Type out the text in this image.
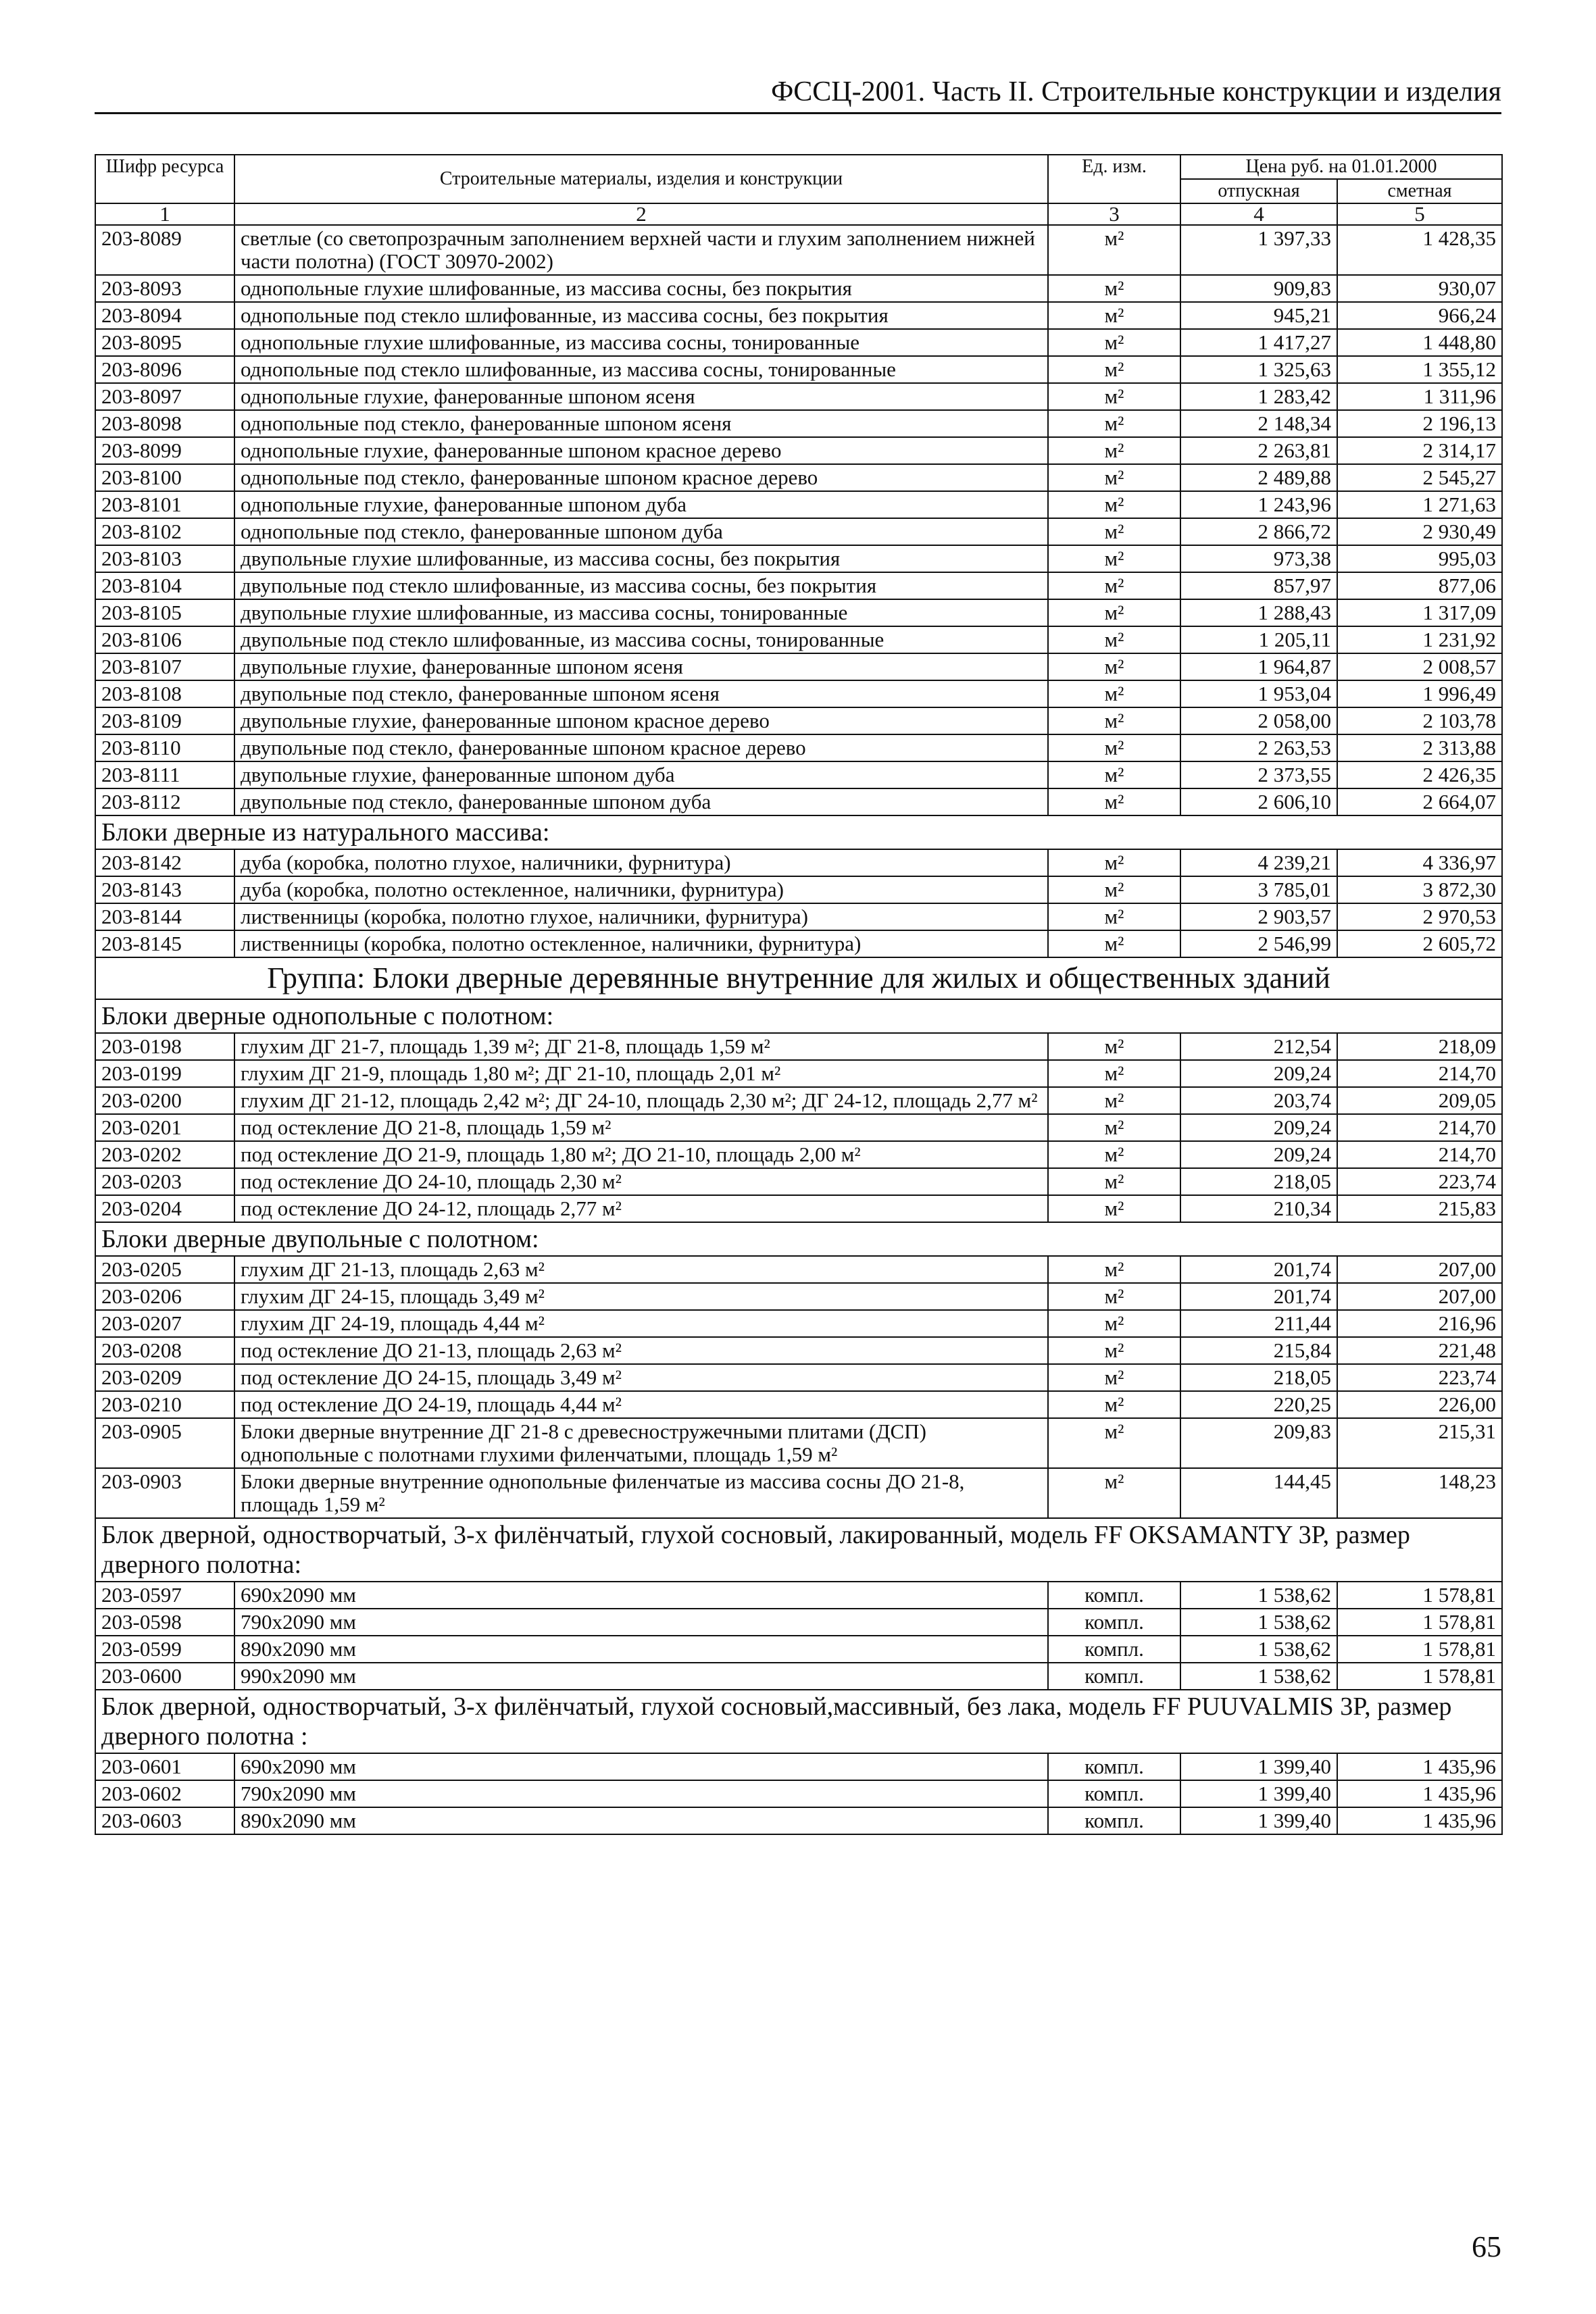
ФССЦ-2001. Часть II. Строительные конструкции и изделия
Шифр ресурса	Строительные материалы, изделия и конструкции	Ед. изм.	Цена руб. на 01.01.2000	
			отпускная	сметная
1	2	3	4	5
203-8089	светлые (со светопрозрачным заполнением верхней части и глухим заполнением нижней части полотна) (ГОСТ 30970-2002)	м²	1 397,33	1 428,35
203-8093	однопольные глухие шлифованные, из массива сосны, без покрытия	м²	909,83	930,07
203-8094	однопольные под стекло шлифованные, из массива сосны, без покрытия	м²	945,21	966,24
203-8095	однопольные глухие шлифованные, из массива сосны, тонированные	м²	1 417,27	1 448,80
203-8096	однопольные под стекло шлифованные, из массива сосны, тонированные	м²	1 325,63	1 355,12
203-8097	однопольные глухие, фанерованные шпоном ясеня	м²	1 283,42	1 311,96
203-8098	однопольные под стекло, фанерованные шпоном ясеня	м²	2 148,34	2 196,13
203-8099	однопольные глухие, фанерованные шпоном красное дерево	м²	2 263,81	2 314,17
203-8100	однопольные под стекло, фанерованные шпоном красное дерево	м²	2 489,88	2 545,27
203-8101	однопольные глухие, фанерованные шпоном дуба	м²	1 243,96	1 271,63
203-8102	однопольные под стекло, фанерованные шпоном дуба	м²	2 866,72	2 930,49
203-8103	двупольные глухие шлифованные, из массива сосны, без покрытия	м²	973,38	995,03
203-8104	двупольные под стекло шлифованные, из массива сосны, без покрытия	м²	857,97	877,06
203-8105	двупольные глухие шлифованные, из массива сосны, тонированные	м²	1 288,43	1 317,09
203-8106	двупольные под стекло шлифованные, из массива сосны, тонированные	м²	1 205,11	1 231,92
203-8107	двупольные глухие, фанерованные шпоном ясеня	м²	1 964,87	2 008,57
203-8108	двупольные под стекло, фанерованные шпоном ясеня	м²	1 953,04	1 996,49
203-8109	двупольные глухие, фанерованные шпоном красное дерево	м²	2 058,00	2 103,78
203-8110	двупольные под стекло, фанерованные шпоном красное дерево	м²	2 263,53	2 313,88
203-8111	двупольные глухие, фанерованные шпоном дуба	м²	2 373,55	2 426,35
203-8112	двупольные под стекло, фанерованные шпоном дуба	м²	2 606,10	2 664,07
Блоки дверные из натурального массива:				
203-8142	дуба (коробка, полотно глухое, наличники, фурнитура)	м²	4 239,21	4 336,97
203-8143	дуба (коробка, полотно остекленное, наличники, фурнитура)	м²	3 785,01	3 872,30
203-8144	лиственницы (коробка, полотно глухое, наличники, фурнитура)	м²	2 903,57	2 970,53
203-8145	лиственницы (коробка, полотно остекленное, наличники, фурнитура)	м²	2 546,99	2 605,72
Группа: Блоки дверные деревянные внутренние для жилых и общественных зданий				
Блоки дверные однопольные с полотном:				
203-0198	глухим ДГ 21-7, площадь 1,39 м²; ДГ 21-8, площадь 1,59 м²	м²	212,54	218,09
203-0199	глухим ДГ 21-9, площадь 1,80 м²; ДГ 21-10, площадь 2,01 м²	м²	209,24	214,70
203-0200	глухим ДГ 21-12, площадь 2,42 м²; ДГ 24-10, площадь 2,30 м²; ДГ 24-12, площадь 2,77 м²	м²	203,74	209,05
203-0201	под остекление ДО 21-8, площадь 1,59 м²	м²	209,24	214,70
203-0202	под остекление ДО 21-9, площадь 1,80 м²; ДО 21-10, площадь 2,00 м²	м²	209,24	214,70
203-0203	под остекление ДО 24-10, площадь 2,30 м²	м²	218,05	223,74
203-0204	под остекление ДО 24-12, площадь 2,77 м²	м²	210,34	215,83
Блоки дверные двупольные с полотном:				
203-0205	глухим ДГ 21-13, площадь 2,63 м²	м²	201,74	207,00
203-0206	глухим ДГ 24-15, площадь 3,49 м²	м²	201,74	207,00
203-0207	глухим ДГ 24-19, площадь 4,44 м²	м²	211,44	216,96
203-0208	под остекление ДО 21-13, площадь 2,63 м²	м²	215,84	221,48
203-0209	под остекление ДО 24-15, площадь 3,49 м²	м²	218,05	223,74
203-0210	под остекление ДО 24-19, площадь 4,44 м²	м²	220,25	226,00
203-0905	Блоки дверные внутренние ДГ 21-8 с древесностружечными плитами (ДСП) однопольные с полотнами глухими филенчатыми, площадь 1,59 м²	м²	209,83	215,31
203-0903	Блоки дверные внутренние однопольные филенчатые из массива сосны ДО 21-8, площадь 1,59 м²	м²	144,45	148,23
Блок дверной, одностворчатый, 3-х филёнчатый, глухой сосновый, лакированный, модель FF OKSAMANTY 3P, размер дверного полотна:				
203-0597	690x2090 мм	компл.	1 538,62	1 578,81
203-0598	790x2090 мм	компл.	1 538,62	1 578,81
203-0599	890x2090 мм	компл.	1 538,62	1 578,81
203-0600	990x2090 мм	компл.	1 538,62	1 578,81
Блок дверной, одностворчатый, 3-х филёнчатый, глухой сосновый,массивный, без лака, модель FF PUUVALMIS 3P, размер дверного полотна :				
203-0601	690x2090 мм	компл.	1 399,40	1 435,96
203-0602	790x2090 мм	компл.	1 399,40	1 435,96
203-0603	890x2090 мм	компл.	1 399,40	1 435,96
65
